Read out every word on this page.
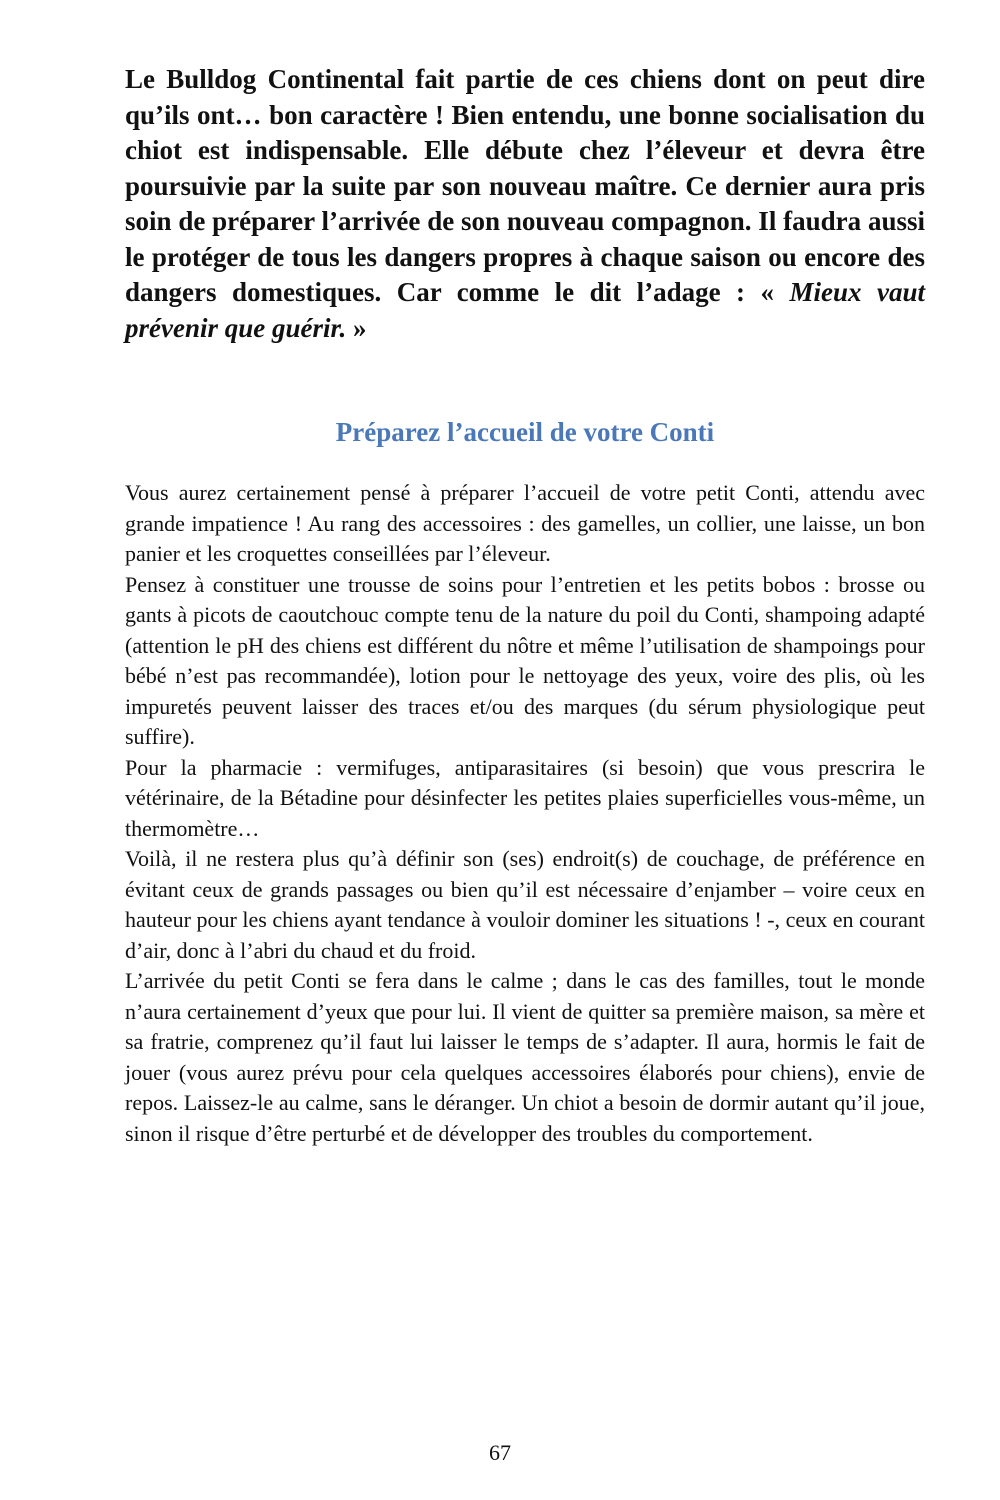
Le Bulldog Continental fait partie de ces chiens dont on peut dire qu’ils ont… bon caractère ! Bien entendu, une bonne socialisation du chiot est indispensable. Elle débute chez l’éleveur et devra être poursuivie par la suite par son nouveau maître. Ce dernier aura pris soin de préparer l’arrivée de son nouveau compagnon. Il faudra aussi le protéger de tous les dangers propres à chaque saison ou encore des dangers domestiques. Car comme le dit l’adage : « Mieux vaut prévenir que guérir. »

Préparez l’accueil de votre Conti

Vous aurez certainement pensé à préparer l’accueil de votre petit Conti, attendu avec grande impatience ! Au rang des accessoires : des gamelles, un collier, une laisse, un bon panier et les croquettes conseillées par l’éleveur.

Pensez à constituer une trousse de soins pour l’entretien et les petits bobos : brosse ou gants à picots de caoutchouc compte tenu de la nature du poil du Conti, shampoing adapté (attention le pH des chiens est différent du nôtre et même l’utilisation de shampoings pour bébé n’est pas recommandée), lotion pour le nettoyage des yeux, voire des plis, où les impuretés peuvent laisser des traces et/ou des marques (du sérum physiologique peut suffire).

Pour la pharmacie : vermifuges, antiparasitaires (si besoin) que vous prescrira le vétérinaire, de la Bétadine pour désinfecter les petites plaies superficielles vous-même, un thermomètre…

Voilà, il ne restera plus qu’à définir son (ses) endroit(s) de couchage, de préférence en évitant ceux de grands passages ou bien qu’il est nécessaire d’enjamber – voire ceux en hauteur pour les chiens ayant tendance à vouloir dominer les situations ! -, ceux en courant d’air, donc à l’abri du chaud et du froid.

L’arrivée du petit Conti se fera dans le calme ; dans le cas des familles, tout le monde n’aura certainement d’yeux que pour lui. Il vient de quitter sa première maison, sa mère et sa fratrie, comprenez qu’il faut lui laisser le temps de s’adapter. Il aura, hormis le fait de jouer (vous aurez prévu pour cela quelques accessoires élaborés pour chiens), envie de repos. Laissez-le au calme, sans le déranger. Un chiot a besoin de dormir autant qu’il joue, sinon il risque d’être perturbé et de développer des troubles du comportement.

67
